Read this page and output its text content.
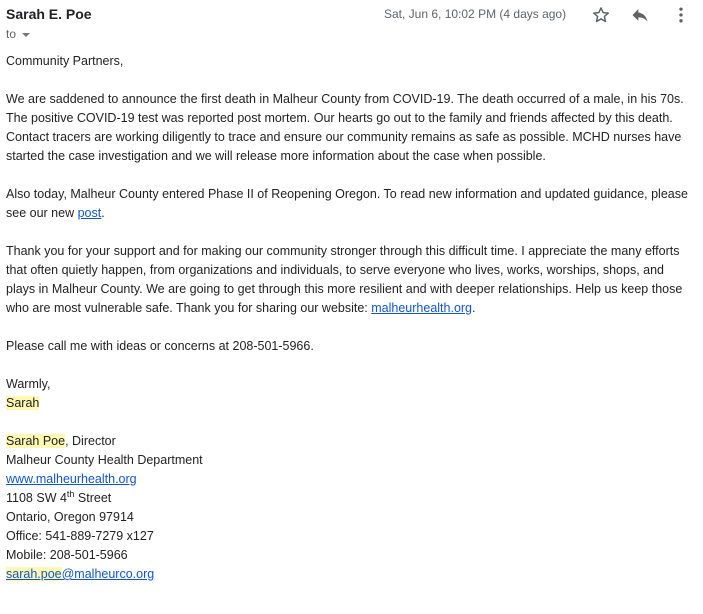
Sarah E. Poe
to
Sat, Jun 6, 10:02 PM (4 days ago)

Community Partners,

We are saddened to announce the first death in Malheur County from COVID-19. The death occurred of a male, in his 70s. The positive COVID-19 test was reported post mortem. Our hearts go out to the family and friends affected by this death. Contact tracers are working diligently to trace and ensure our community remains as safe as possible. MCHD nurses have started the case investigation and we will release more information about the case when possible.

Also today, Malheur County entered Phase II of Reopening Oregon. To read new information and updated guidance, please see our new post.

Thank you for your support and for making our community stronger through this difficult time. I appreciate the many efforts that often quietly happen, from organizations and individuals, to serve everyone who lives, works, worships, shops, and plays in Malheur County. We are going to get through this more resilient and with deeper relationships. Help us keep those who are most vulnerable safe. Thank you for sharing our website: malheurhealth.org.

Please call me with ideas or concerns at 208-501-5966.

Warmly,

Sarah

Sarah Poe, Director

Malheur County Health Department

www.malheurhealth.org

1108 SW 4th Street

Ontario, Oregon 97914

Office: 541-889-7279 x127

Mobile: 208-501-5966

sarah.poe@malheurco.org
